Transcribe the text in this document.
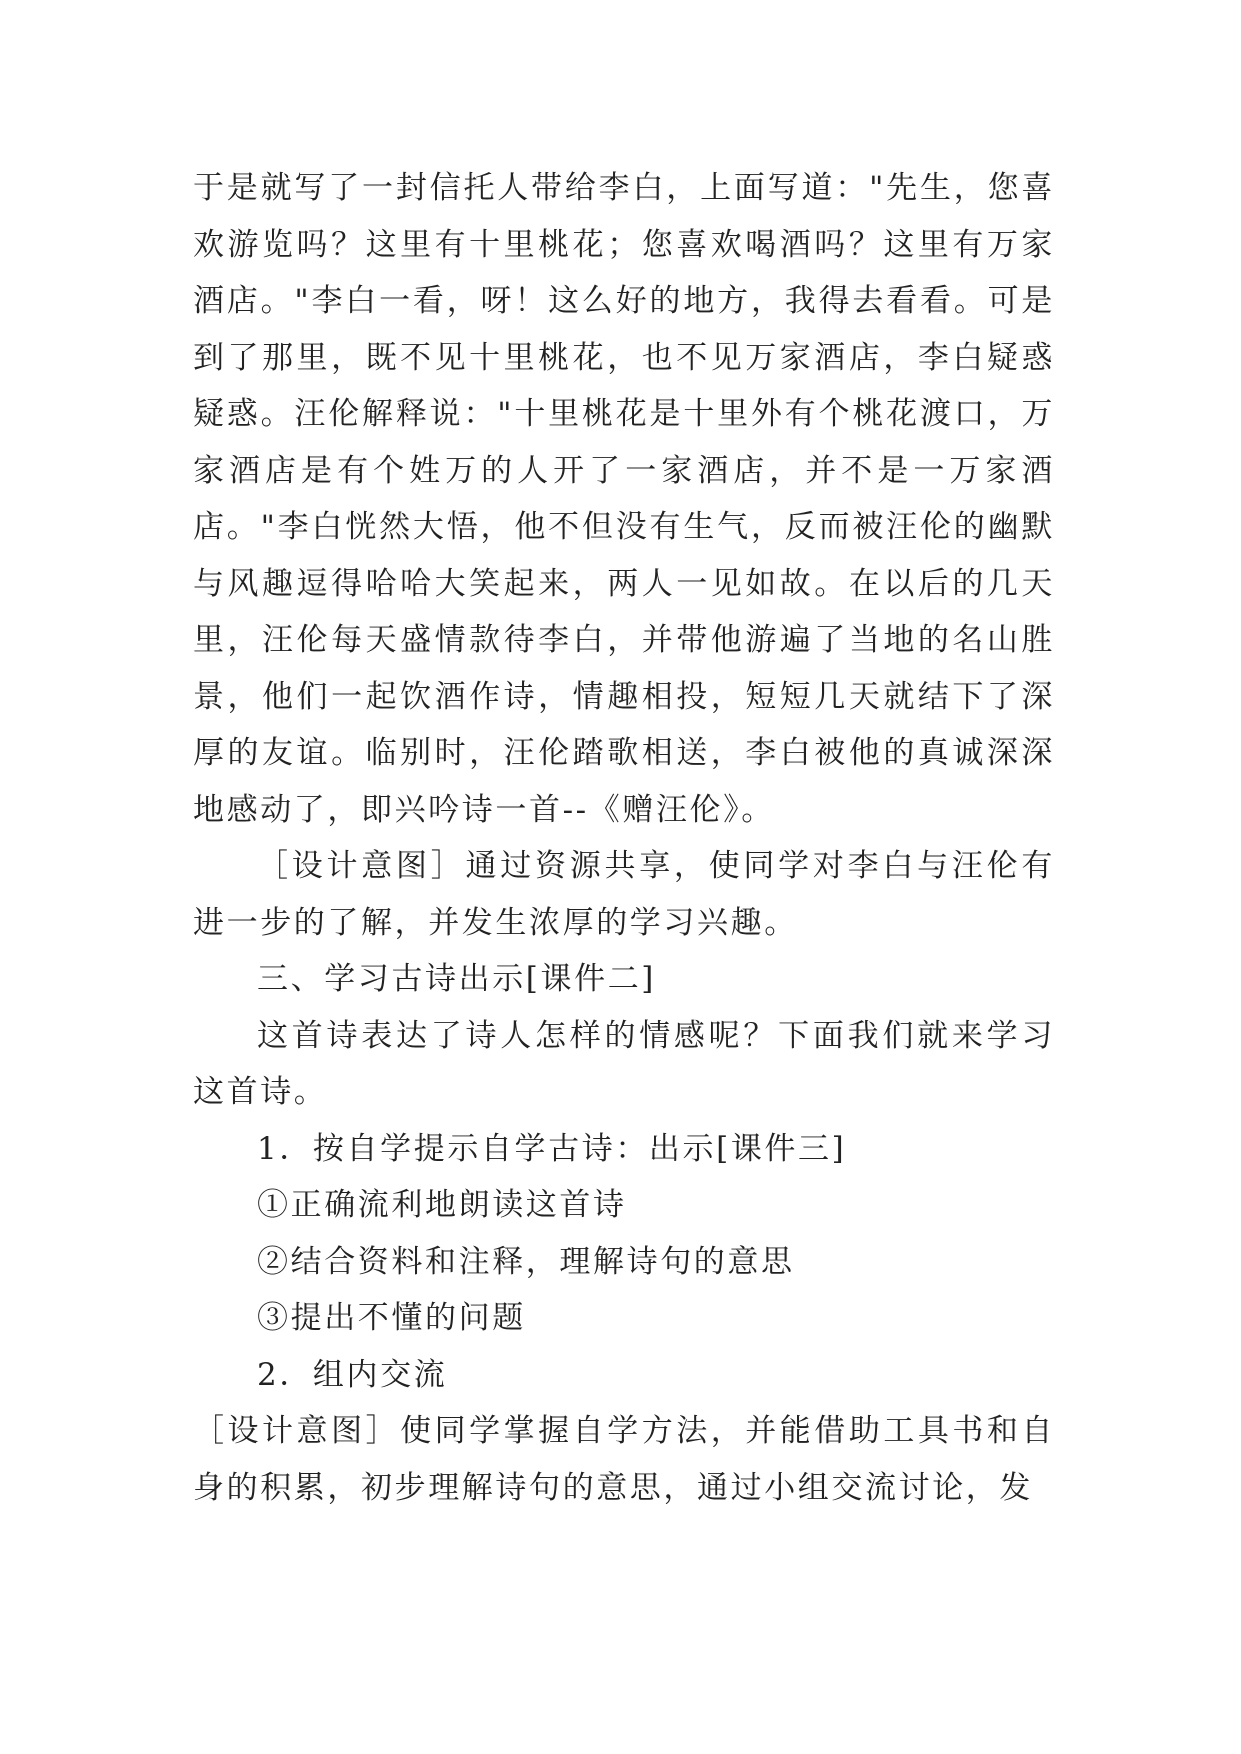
于是就写了一封信托人带给李白，上面写道："先生，您喜欢游览吗？这里有十里桃花；您喜欢喝酒吗？这里有万家酒店。"李白一看，呀！这么好的地方，我得去看看。可是到了那里，既不见十里桃花，也不见万家酒店，李白疑惑疑惑。汪伦解释说："十里桃花是十里外有个桃花渡口，万家酒店是有个姓万的人开了一家酒店，并不是一万家酒店。"李白恍然大悟，他不但没有生气，反而被汪伦的幽默与风趣逗得哈哈大笑起来，两人一见如故。在以后的几天里，汪伦每天盛情款待李白，并带他游遍了当地的名山胜景，他们一起饮酒作诗，情趣相投，短短几天就结下了深厚的友谊。临别时，汪伦踏歌相送，李白被他的真诚深深地感动了，即兴吟诗一首--《赠汪伦》。

［设计意图］通过资源共享，使同学对李白与汪伦有进一步的了解，并发生浓厚的学习兴趣。

三、学习古诗出示[课件二]

这首诗表达了诗人怎样的情感呢？下面我们就来学习这首诗。

1．按自学提示自学古诗：出示[课件三]

①正确流利地朗读这首诗

②结合资料和注释，理解诗句的意思

③提出不懂的问题

2．组内交流

［设计意图］使同学掌握自学方法，并能借助工具书和自身的积累，初步理解诗句的意思，通过小组交流讨论，发
